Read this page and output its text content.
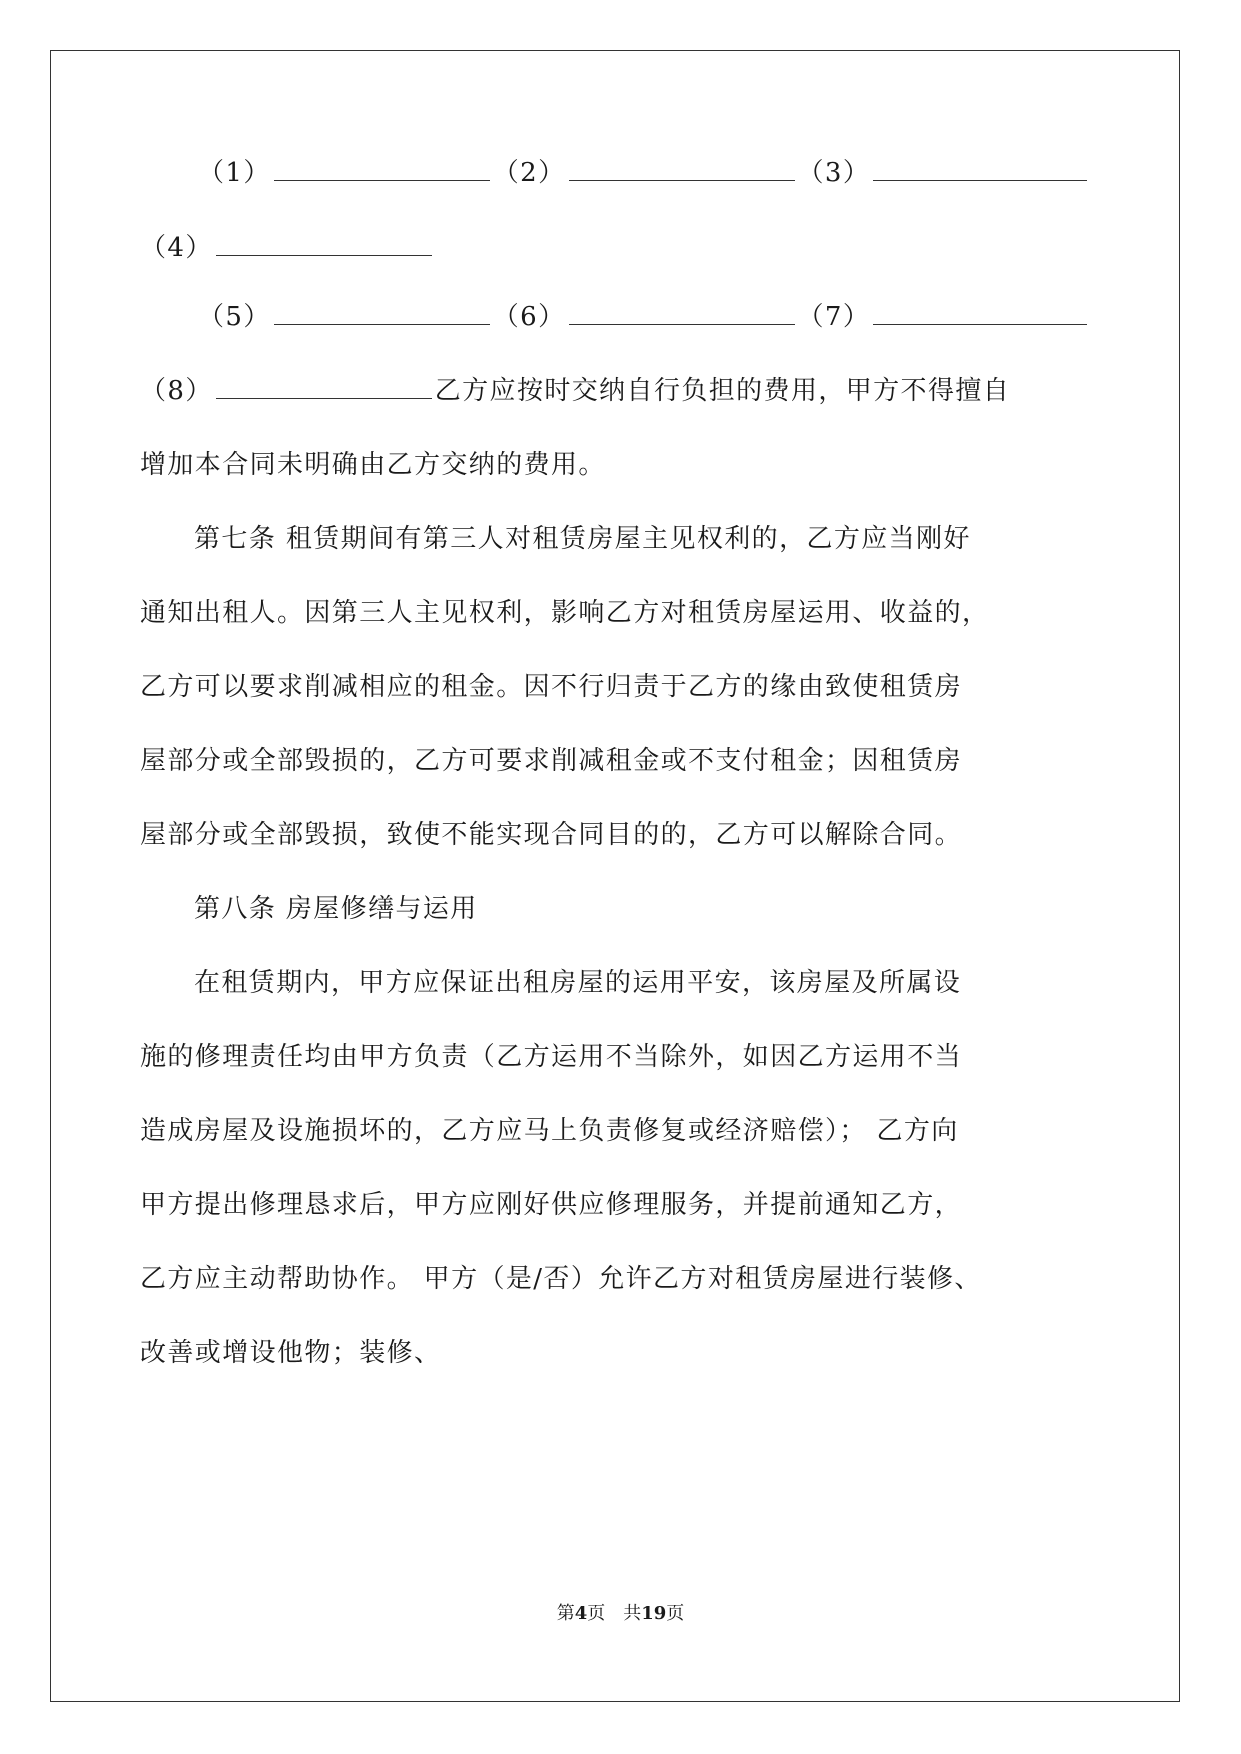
（1）	（2）	（3）
（4）
（5）	（6）	（7）
（8）	乙方应按时交纳自行负担的费用，甲方不得擅自
增加本合同未明确由乙方交纳的费用。
第七条 租赁期间有第三人对租赁房屋主见权利的，乙方应当刚好
通知出租人。因第三人主见权利，影响乙方对租赁房屋运用、收益的，
乙方可以要求削减相应的租金。因不行归责于乙方的缘由致使租赁房
屋部分或全部毁损的，乙方可要求削减租金或不支付租金；因租赁房
屋部分或全部毁损，致使不能实现合同目的的，乙方可以解除合同。
第八条 房屋修缮与运用
在租赁期内，甲方应保证出租房屋的运用平安，该房屋及所属设
施的修理责任均由甲方负责（乙方运用不当除外，如因乙方运用不当
造成房屋及设施损坏的，乙方应马上负责修复或经济赔偿）； 乙方向
甲方提出修理恳求后，甲方应刚好供应修理服务，并提前通知乙方，
乙方应主动帮助协作。 甲方（是/否）允许乙方对租赁房屋进行装修、
改善或增设他物；装修、
第4页　共19页
